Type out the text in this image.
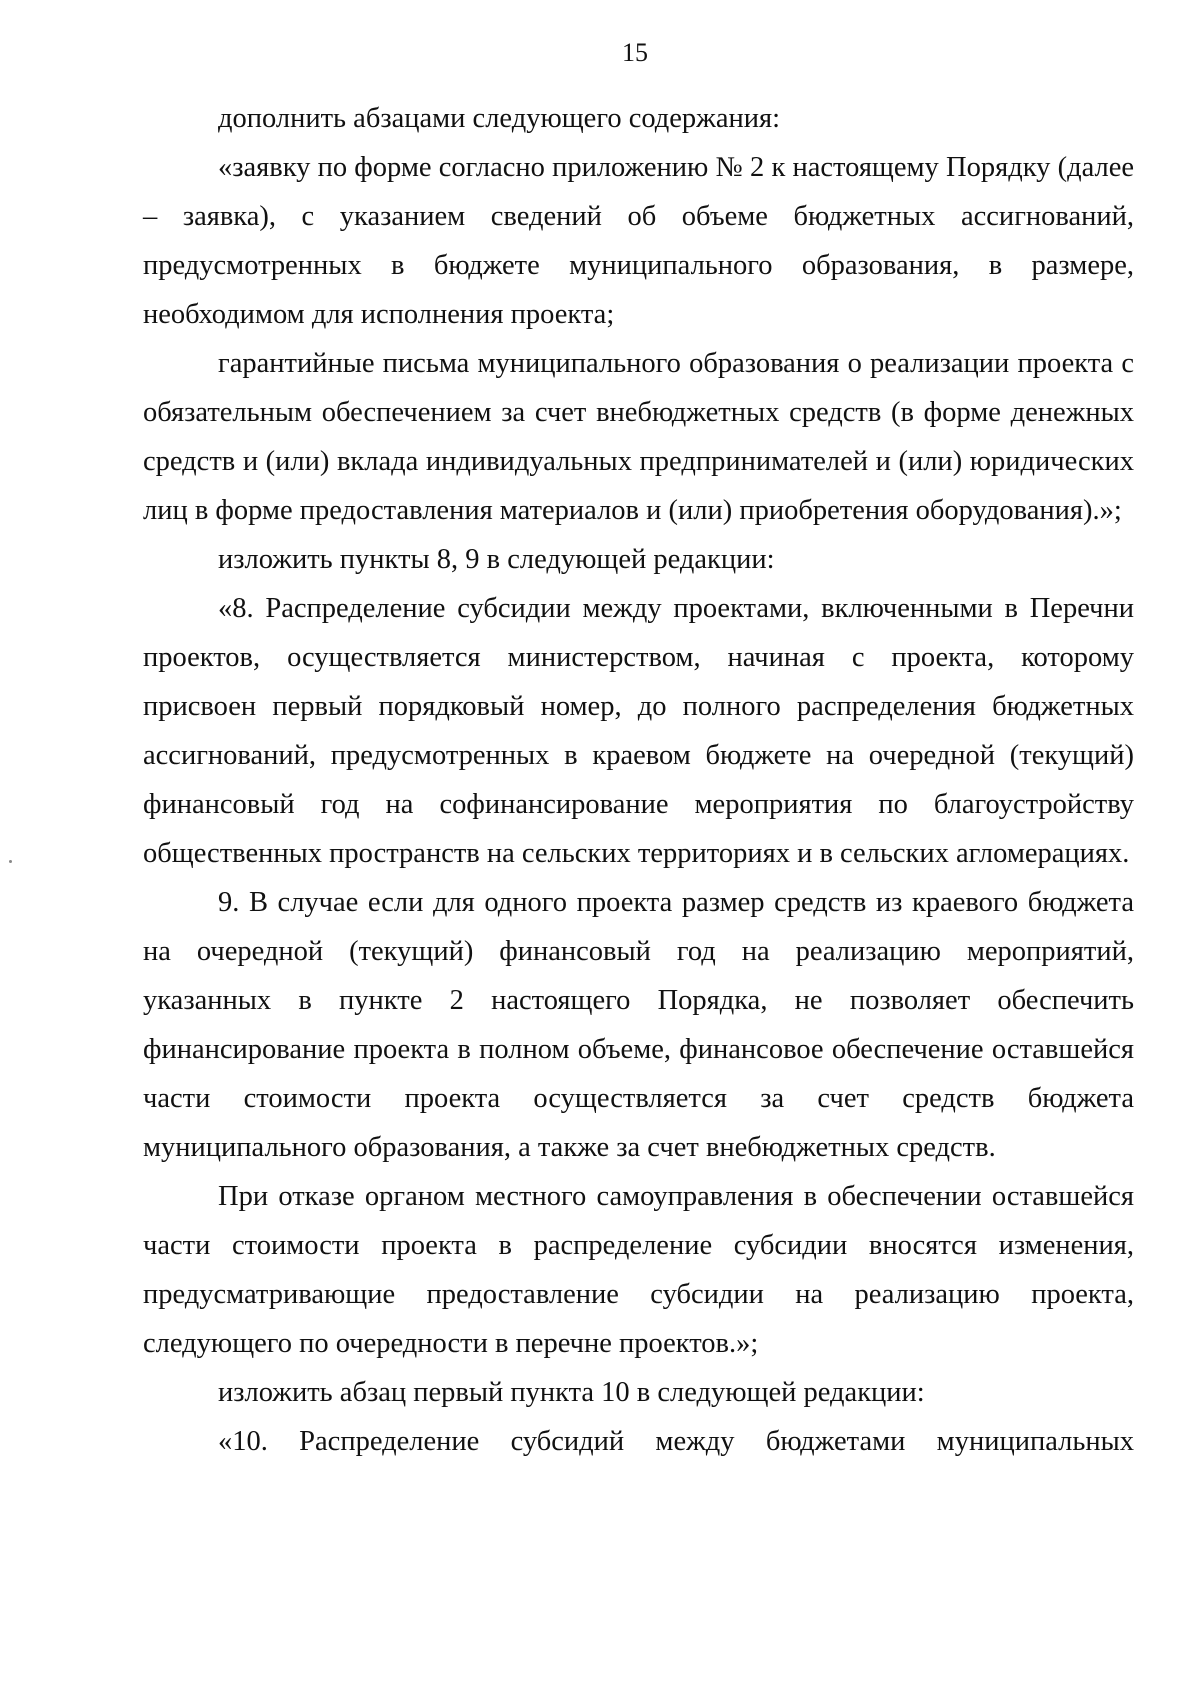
15

дополнить абзацами следующего содержания:

«заявку по форме согласно приложению № 2 к настоящему Порядку (далее – заявка), с указанием сведений об объеме бюджетных ассигнований, предусмотренных в бюджете муниципального образования, в размере, необходимом для исполнения проекта;

гарантийные письма муниципального образования о реализации проекта с обязательным обеспечением за счет внебюджетных средств (в форме денежных средств и (или) вклада индивидуальных предпринимателей и (или) юридических лиц в форме предоставления материалов и (или) приобретения оборудования).»;

изложить пункты 8, 9 в следующей редакции:

«8. Распределение субсидии между проектами, включенными в Перечни проектов, осуществляется министерством, начиная с проекта, которому присвоен первый порядковый номер, до полного распределения бюджетных ассигнований, предусмотренных в краевом бюджете на очередной (текущий) финансовый год на софинансирование мероприятия по благоустройству общественных пространств на сельских территориях и в сельских агломерациях.

9. В случае если для одного проекта размер средств из краевого бюджета на очередной (текущий) финансовый год на реализацию мероприятий, указанных в пункте 2 настоящего Порядка, не позволяет обеспечить финансирование проекта в полном объеме, финансовое обеспечение оставшейся части стоимости проекта осуществляется за счет средств бюджета муниципального образования, а также за счет внебюджетных средств.

При отказе органом местного самоуправления в обеспечении оставшейся части стоимости проекта в распределение субсидии вносятся изменения, предусматривающие предоставление субсидии на реализацию проекта, следующего по очередности в перечне проектов.»;

изложить абзац первый пункта 10 в следующей редакции:

«10. Распределение субсидий между бюджетами муниципальных
